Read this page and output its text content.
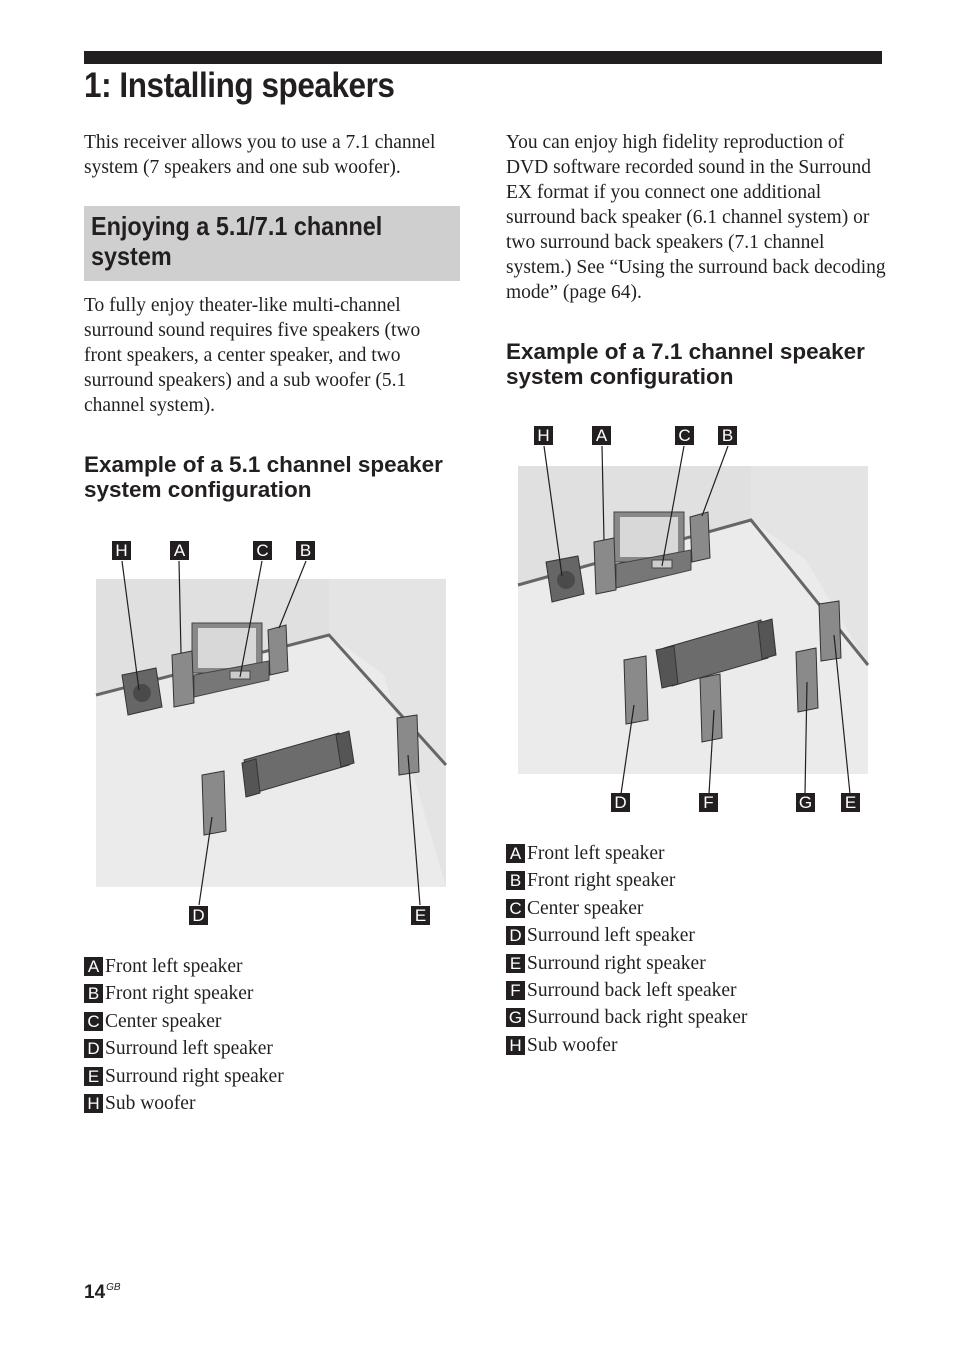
1: Installing speakers

This receiver allows you to use a 7.1 channel system (7 speakers and one sub woofer).

Enjoying a 5.1/7.1 channel system

To fully enjoy theater-like multi-channel surround sound requires five speakers (two front speakers, a center speaker, and two surround speakers) and a sub woofer (5.1 channel system).

Example of a 5.1 channel speaker system configuration
H	A	C B
D	E
A Front left speaker
B Front right speaker
C Center speaker
D Surround left speaker
E Surround right speaker
H Sub woofer

You can enjoy high fidelity reproduction of DVD software recorded sound in the Surround EX format if you connect one additional surround back speaker (6.1 channel system) or two surround back speakers (7.1 channel system.) See “Using the surround back decoding mode” (page 64).

Example of a 7.1 channel speaker system configuration
H	A	C B
D	F	G E
A Front left speaker
B Front right speaker
C Center speaker
D Surround left speaker
E Surround right speaker
F Surround back left speaker
G Surround back right speaker
H Sub woofer
$14^{GB}$
